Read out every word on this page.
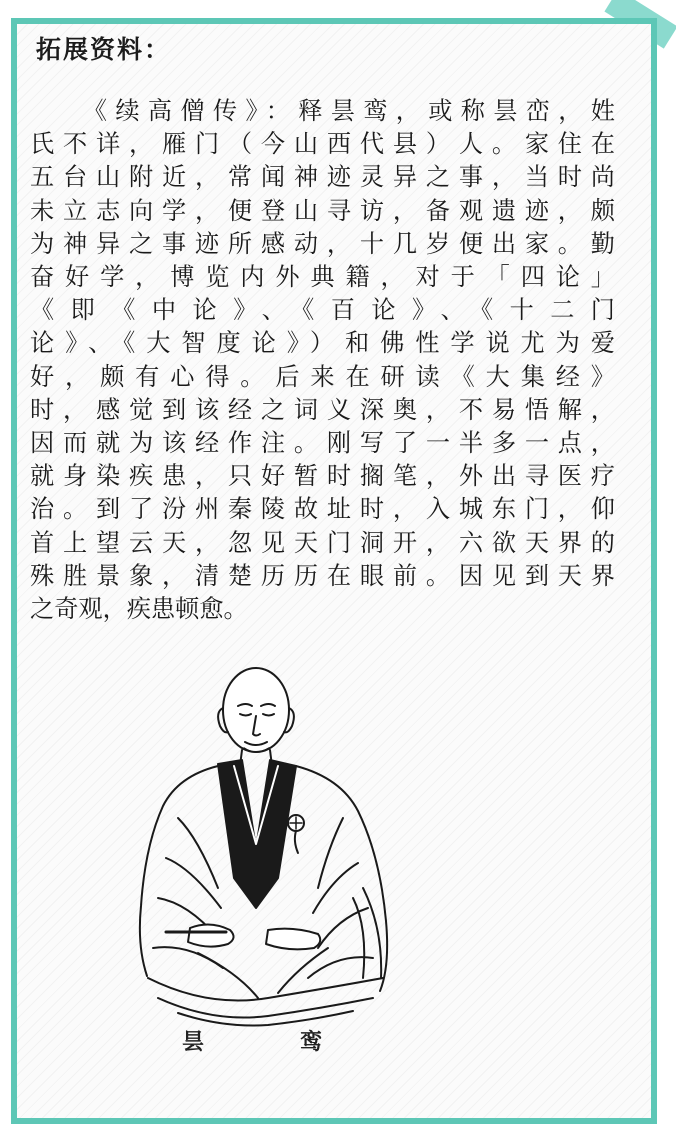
拓展资料：
　　《续高僧传》：释昙鸾，或称昙峦，姓
氏不详，雁门（今山西代县）人。家住在
五台山附近，常闻神迹灵异之事，当时尚
未立志向学，便登山寻访，备观遗迹，颇
为神异之事迹所感动，十几岁便出家。勤
奋好学，博览内外典籍，对于「四论」
《即《中论》、《百论》、《十二门
论》、《大智度论》）和佛性学说尤为爱
好，颇有心得。后来在研读《大集经》
时，感觉到该经之词义深奥，不易悟解，
因而就为该经作注。刚写了一半多一点，
就身染疾患，只好暂时搁笔，外出寻医疗
治。到了汾州秦陵故址时，入城东门，仰
首上望云天，忽见天门洞开，六欲天界的
殊胜景象，清楚历历在眼前。因见到天界
之奇观，疾患顿愈。
昙	鸾
